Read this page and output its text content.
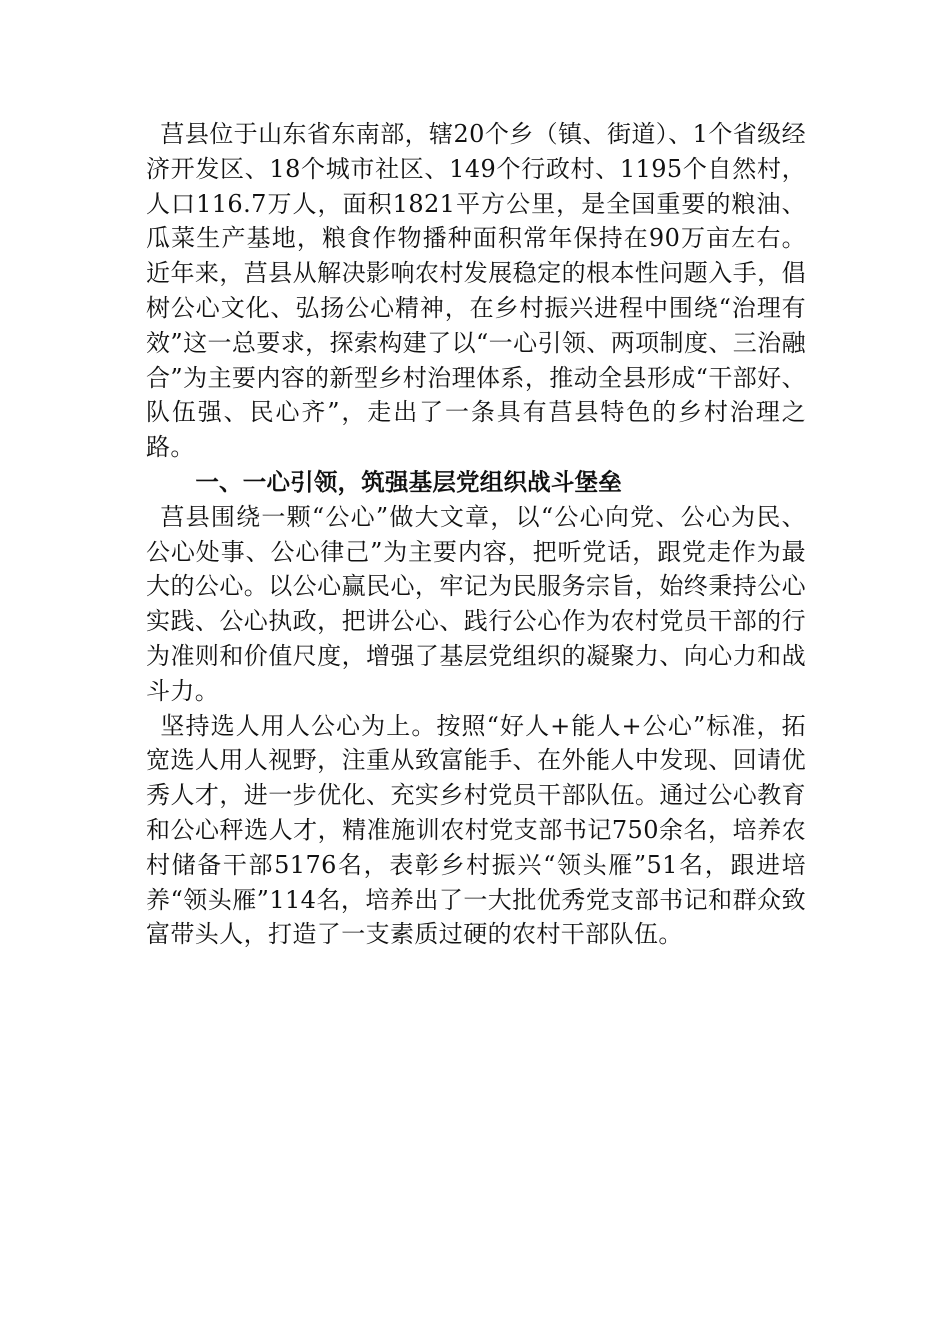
莒县位于山东省东南部，辖20个乡（镇、街道）、1个省级经济开发区、18个城市社区、149个行政村、1195个自然村，人口116.7万人，面积1821平方公里，是全国重要的粮油、瓜菜生产基地，粮食作物播种面积常年保持在90万亩左右。近年来，莒县从解决影响农村发展稳定的根本性问题入手，倡树公心文化、弘扬公心精神，在乡村振兴进程中围绕“治理有效”这一总要求，探索构建了以“一心引领、两项制度、三治融合”为主要内容的新型乡村治理体系，推动全县形成“干部好、队伍强、民心齐”，走出了一条具有莒县特色的乡村治理之路。

一、一心引领，筑强基层党组织战斗堡垒

莒县围绕一颗“公心”做大文章，以“公心向党、公心为民、公心处事、公心律己”为主要内容，把听党话，跟党走作为最大的公心。以公心赢民心，牢记为民服务宗旨，始终秉持公心实践、公心执政，把讲公心、践行公心作为农村党员干部的行为准则和价值尺度，增强了基层党组织的凝聚力、向心力和战斗力。

坚持选人用人公心为上。按照“好人+能人+公心”标准，拓宽选人用人视野，注重从致富能手、在外能人中发现、回请优秀人才，进一步优化、充实乡村党员干部队伍。通过公心教育和公心秤选人才，精准施训农村党支部书记750余名，培养农村储备干部5176名，表彰乡村振兴“领头雁”51名，跟进培养“领头雁”114名，培养出了一大批优秀党支部书记和群众致富带头人，打造了一支素质过硬的农村干部队伍。
